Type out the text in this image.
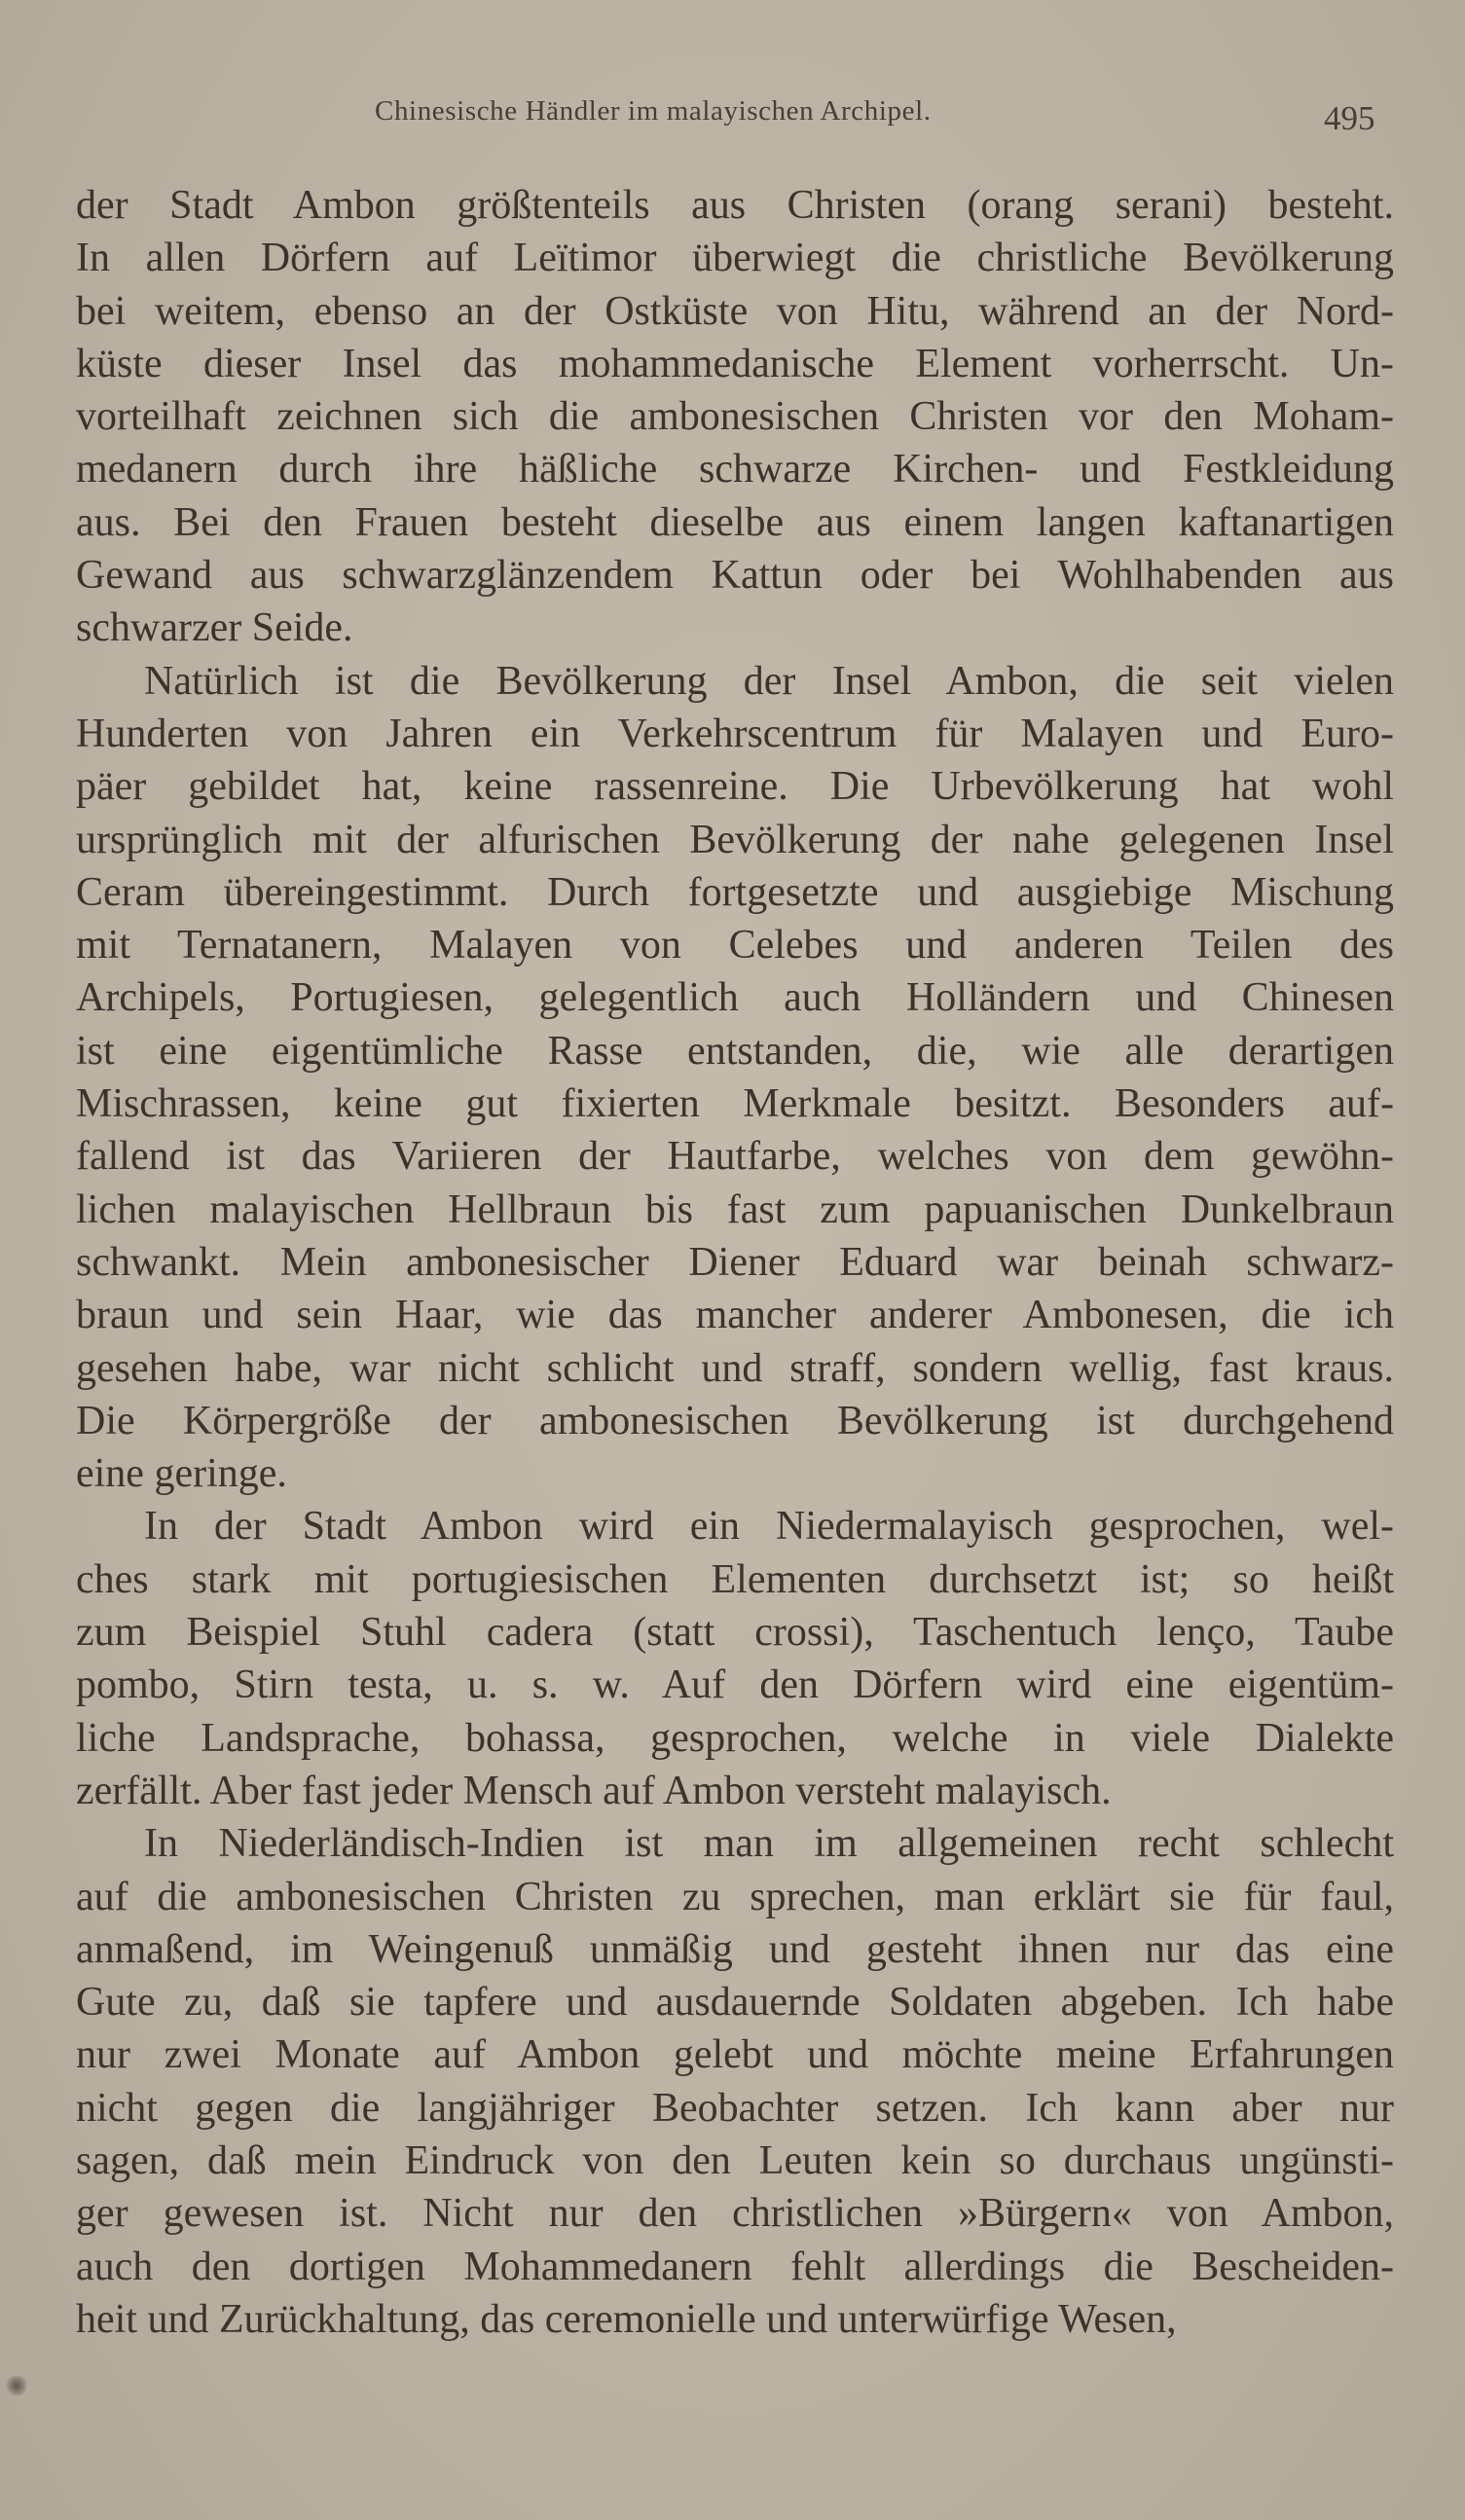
Chinesische Händler im malayischen Archipel.	495
der Stadt Ambon größtenteils aus Christen (orang serani) besteht.
In allen Dörfern auf Leïtimor überwiegt die christliche Bevölkerung
bei weitem, ebenso an der Ostküste von Hitu, während an der Nord-
küste dieser Insel das mohammedanische Element vorherrscht. Un-
vorteilhaft zeichnen sich die ambonesischen Christen vor den Moham-
medanern durch ihre häßliche schwarze Kirchen- und Festkleidung
aus. Bei den Frauen besteht dieselbe aus einem langen kaftanartigen
Gewand aus schwarzglänzendem Kattun oder bei Wohlhabenden aus
schwarzer Seide.
Natürlich ist die Bevölkerung der Insel Ambon, die seit vielen
Hunderten von Jahren ein Verkehrscentrum für Malayen und Euro-
päer gebildet hat, keine rassenreine. Die Urbevölkerung hat wohl
ursprünglich mit der alfurischen Bevölkerung der nahe gelegenen Insel
Ceram übereingestimmt. Durch fortgesetzte und ausgiebige Mischung
mit Ternatanern, Malayen von Celebes und anderen Teilen des
Archipels, Portugiesen, gelegentlich auch Holländern und Chinesen
ist eine eigentümliche Rasse entstanden, die, wie alle derartigen
Mischrassen, keine gut fixierten Merkmale besitzt. Besonders auf-
fallend ist das Variieren der Hautfarbe, welches von dem gewöhn-
lichen malayischen Hellbraun bis fast zum papuanischen Dunkelbraun
schwankt. Mein ambonesischer Diener Eduard war beinah schwarz-
braun und sein Haar, wie das mancher anderer Ambonesen, die ich
gesehen habe, war nicht schlicht und straff, sondern wellig, fast kraus.
Die Körpergröße der ambonesischen Bevölkerung ist durchgehend
eine geringe.
In der Stadt Ambon wird ein Niedermalayisch gesprochen, wel-
ches stark mit portugiesischen Elementen durchsetzt ist; so heißt
zum Beispiel Stuhl cadera (statt crossi), Taschentuch lenço, Taube
pombo, Stirn testa, u. s. w. Auf den Dörfern wird eine eigentüm-
liche Landsprache, bohassa, gesprochen, welche in viele Dialekte
zerfällt. Aber fast jeder Mensch auf Ambon versteht malayisch.
In Niederländisch-Indien ist man im allgemeinen recht schlecht
auf die ambonesischen Christen zu sprechen, man erklärt sie für faul,
anmaßend, im Weingenuß unmäßig und gesteht ihnen nur das eine
Gute zu, daß sie tapfere und ausdauernde Soldaten abgeben. Ich habe
nur zwei Monate auf Ambon gelebt und möchte meine Erfahrungen
nicht gegen die langjähriger Beobachter setzen. Ich kann aber nur
sagen, daß mein Eindruck von den Leuten kein so durchaus ungünsti-
ger gewesen ist. Nicht nur den christlichen »Bürgern« von Ambon,
auch den dortigen Mohammedanern fehlt allerdings die Bescheiden-
heit und Zurückhaltung, das ceremonielle und unterwürfige Wesen,
